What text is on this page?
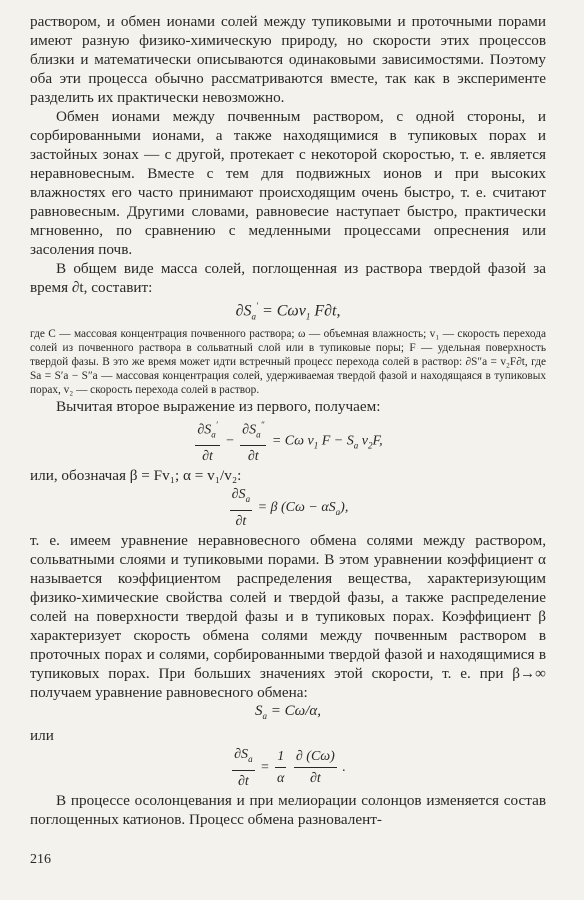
раствором, и обмен ионами солей между тупиковыми и проточными порами имеют разную физико-химическую природу, но скорости этих процессов близки и математически описываются одинаковыми зависимостями. Поэтому оба эти процесса обычно рассматриваются вместе, так как в эксперименте разделить их практически невозможно.

Обмен ионами между почвенным раствором, с одной стороны, и сорбированными ионами, а также находящимися в тупиковых порах и застойных зонах — с другой, протекает с некоторой скоростью, т. е. является неравновесным. Вместе с тем для подвижных ионов и при высоких влажностях его часто принимают происходящим очень быстро, т. е. считают равновесным. Другими словами, равновесие наступает быстро, практически мгновенно, по сравнению с медленными процессами опреснения или засоления почв.

В общем виде масса солей, поглощенная из раствора твердой фазой за время ∂t, составит:

$\partial S_a' = C\omega v_1$ F∂t,

где C — массовая концентрация почвенного раствора; ω — объемная влажность; v₁ — скорость перехода солей из почвенного раствора в сольватный слой или в тупиковые поры; F — удельная поверхность твердой фазы. В это же время может идти встречный процесс перехода солей в раствор: ∂S″a = v₂F∂t, где Sa = S′a − S″a — массовая концентрация солей, удерживаемая твердой фазой и находящаяся в тупиковых порах, v₂ — скорость перехода солей в раствор.

Вычитая второе выражение из первого, получаем:

$\frac{\partial S_a'}{\partial t} - \frac{\partial S_a''}{\partial t} = C\omega$ $v_1$ $F - S_a$ $v_2F$,

или, обозначая β = Fv₁; α = v₁/v₂:

$\frac{\partial S_a}{\partial t} = \beta$ $(C\omega - \alpha S_a)$,

т. е. имеем уравнение неравновесного обмена солями между раствором, сольватными слоями и тупиковыми порами. В этом уравнении коэффициент α называется коэффициентом распределения вещества, характеризующим физико-химические свойства солей и твердой фазы, а также распределение солей на поверхности твердой фазы и в тупиковых порах. Коэффициент β характеризует скорость обмена солями между почвенным раствором в проточных порах и солями, сорбированными твердой фазой и находящимися в тупиковых порах. При больших значениях этой скорости, т. е. при β→∞ получаем уравнение равновесного обмена:

$S_a = C\omega/\alpha$,

или

$\frac{\partial S_a}{\partial t} = \frac{1}{\alpha}$
$\frac{\partial (C\omega)}{\partial t}$ .

В процессе осолонцевания и при мелиорации солонцов изменяется состав поглощенных катионов. Процесс обмена разновалент-

216
